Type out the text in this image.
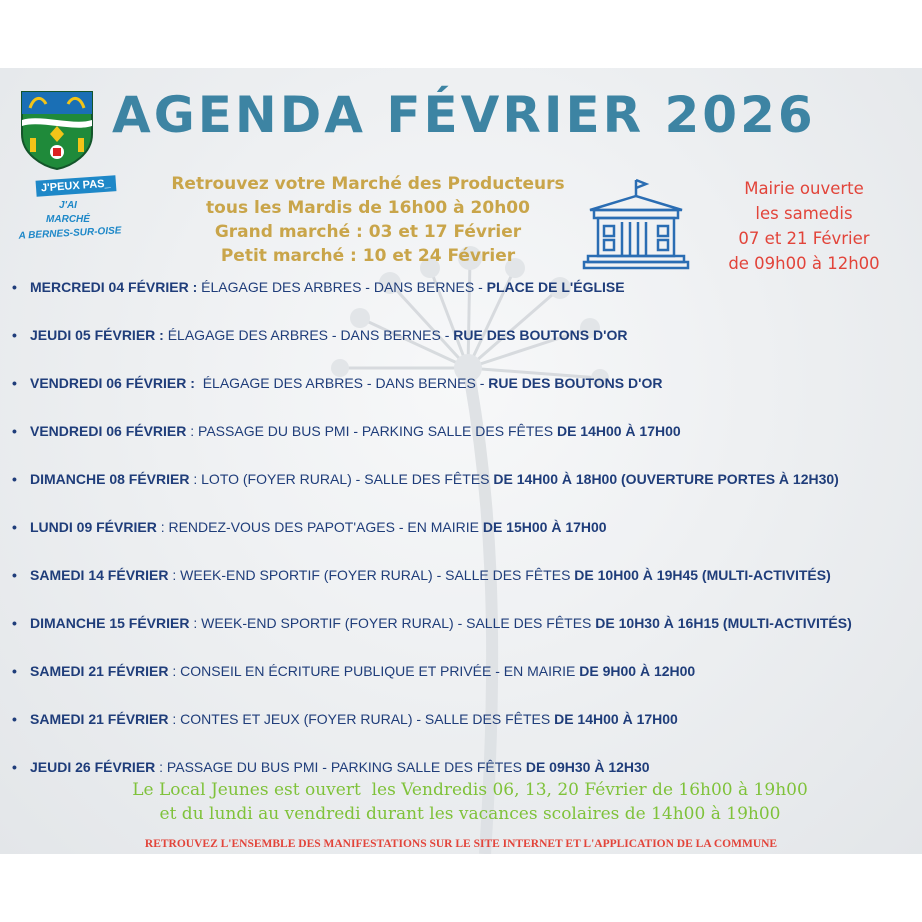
AGENDA FÉVRIER 2026
J'PEUX PAS_
J'AI
MARCHÉ
A BERNES-SUR-OISE
Retrouvez votre Marché des Producteurs
tous les Mardis de 16h00 à 20h00
Grand marché : 03 et 17 Février
Petit marché : 10 et 24 Février
Mairie ouverte
les samedis
07 et 21 Février
de 09h00 à 12h00
• MERCREDI 04 FÉVRIER : ÉLAGAGE DES ARBRES - DANS BERNES - PLACE DE L'ÉGLISE
• JEUDI 05 FÉVRIER : ÉLAGAGE DES ARBRES - DANS BERNES - RUE DES BOUTONS D'OR
• VENDREDI 06 FÉVRIER :  ÉLAGAGE DES ARBRES - DANS BERNES - RUE DES BOUTONS D'OR
• VENDREDI 06 FÉVRIER : PASSAGE DU BUS PMI - PARKING SALLE DES FÊTES DE 14H00 À 17H00
• DIMANCHE 08 FÉVRIER : LOTO (FOYER RURAL) - SALLE DES FÊTES DE 14H00 À 18H00 (OUVERTURE PORTES À 12H30)
• LUNDI 09 FÉVRIER : RENDEZ-VOUS DES PAPOT'AGES - EN MAIRIE DE 15H00 À 17H00
• SAMEDI 14 FÉVRIER : WEEK-END SPORTIF (FOYER RURAL) - SALLE DES FÊTES DE 10H00 À 19H45 (MULTI-ACTIVITÉS)
• DIMANCHE 15 FÉVRIER : WEEK-END SPORTIF (FOYER RURAL) - SALLE DES FÊTES DE 10H30 À 16H15 (MULTI-ACTIVITÉS)
• SAMEDI 21 FÉVRIER : CONSEIL EN ÉCRITURE PUBLIQUE ET PRIVÉE - EN MAIRIE DE 9H00 À 12H00
• SAMEDI 21 FÉVRIER : CONTES ET JEUX (FOYER RURAL) - SALLE DES FÊTES DE 14H00 À 17H00
• JEUDI 26 FÉVRIER : PASSAGE DU BUS PMI - PARKING SALLE DES FÊTES DE 09H30 À 12H30
Le Local Jeunes est ouvert  les Vendredis 06, 13, 20 Février de 16h00 à 19h00
et du lundi au vendredi durant les vacances scolaires de 14h00 à 19h00
RETROUVEZ L'ENSEMBLE DES MANIFESTATIONS SUR LE SITE INTERNET ET L'APPLICATION DE LA COMMUNE
